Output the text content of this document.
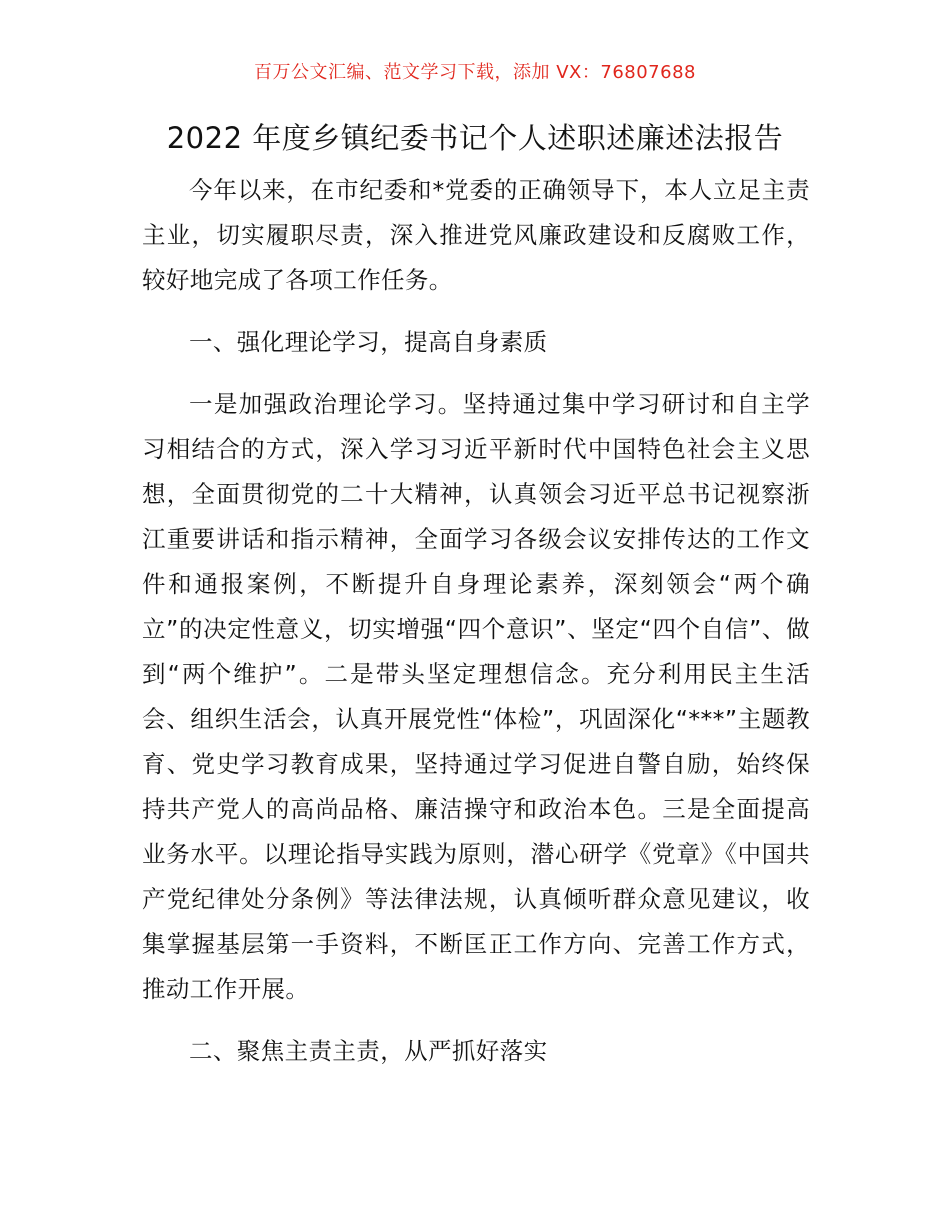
百万公文汇编、范文学习下载，添加 VX：76807688
2022 年度乡镇纪委书记个人述职述廉述法报告

今年以来，在市纪委和*党委的正确领导下，本人立足主责主业，切实履职尽责，深入推进党风廉政建设和反腐败工作，较好地完成了各项工作任务。

一、强化理论学习，提高自身素质

一是加强政治理论学习。坚持通过集中学习研讨和自主学习相结合的方式，深入学习习近平新时代中国特色社会主义思想，全面贯彻党的二十大精神，认真领会习近平总书记视察浙江重要讲话和指示精神，全面学习各级会议安排传达的工作文件和通报案例，不断提升自身理论素养，深刻领会“两个确立”的决定性意义，切实增强“四个意识”、坚定“四个自信”、做到“两个维护”。二是带头坚定理想信念。充分利用民主生活会、组织生活会，认真开展党性“体检”，巩固深化“***”主题教育、党史学习教育成果，坚持通过学习促进自警自励，始终保持共产党人的高尚品格、廉洁操守和政治本色。三是全面提高业务水平。以理论指导实践为原则，潜心研学《党章》《中国共产党纪律处分条例》等法律法规，认真倾听群众意见建议，收集掌握基层第一手资料，不断匡正工作方向、完善工作方式，推动工作开展。

二、聚焦主责主责，从严抓好落实
